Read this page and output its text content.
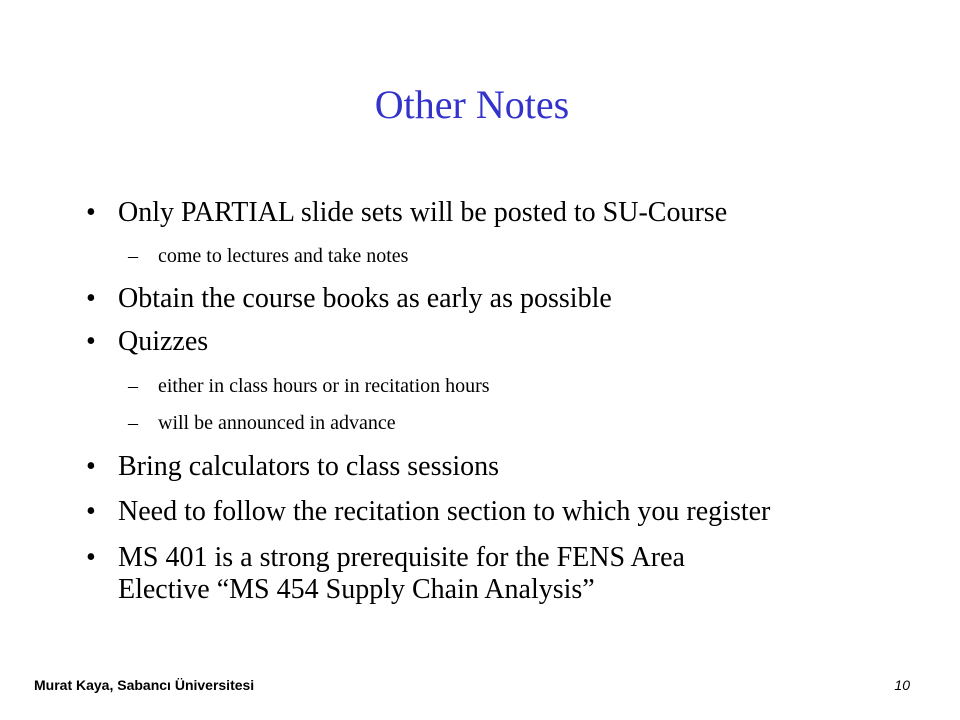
Other Notes
• Only PARTIAL slide sets will be posted to SU-Course
– come to lectures and take notes
• Obtain the course books as early as possible
• Quizzes
– either in class hours or in recitation hours
– will be announced in advance
• Bring calculators to class sessions
• Need to follow the recitation section to which you register
• MS 401 is a strong prerequisite for the FENS Area
Elective “MS 454 Supply Chain Analysis”
Murat Kaya, Sabancı Üniversitesi	10
